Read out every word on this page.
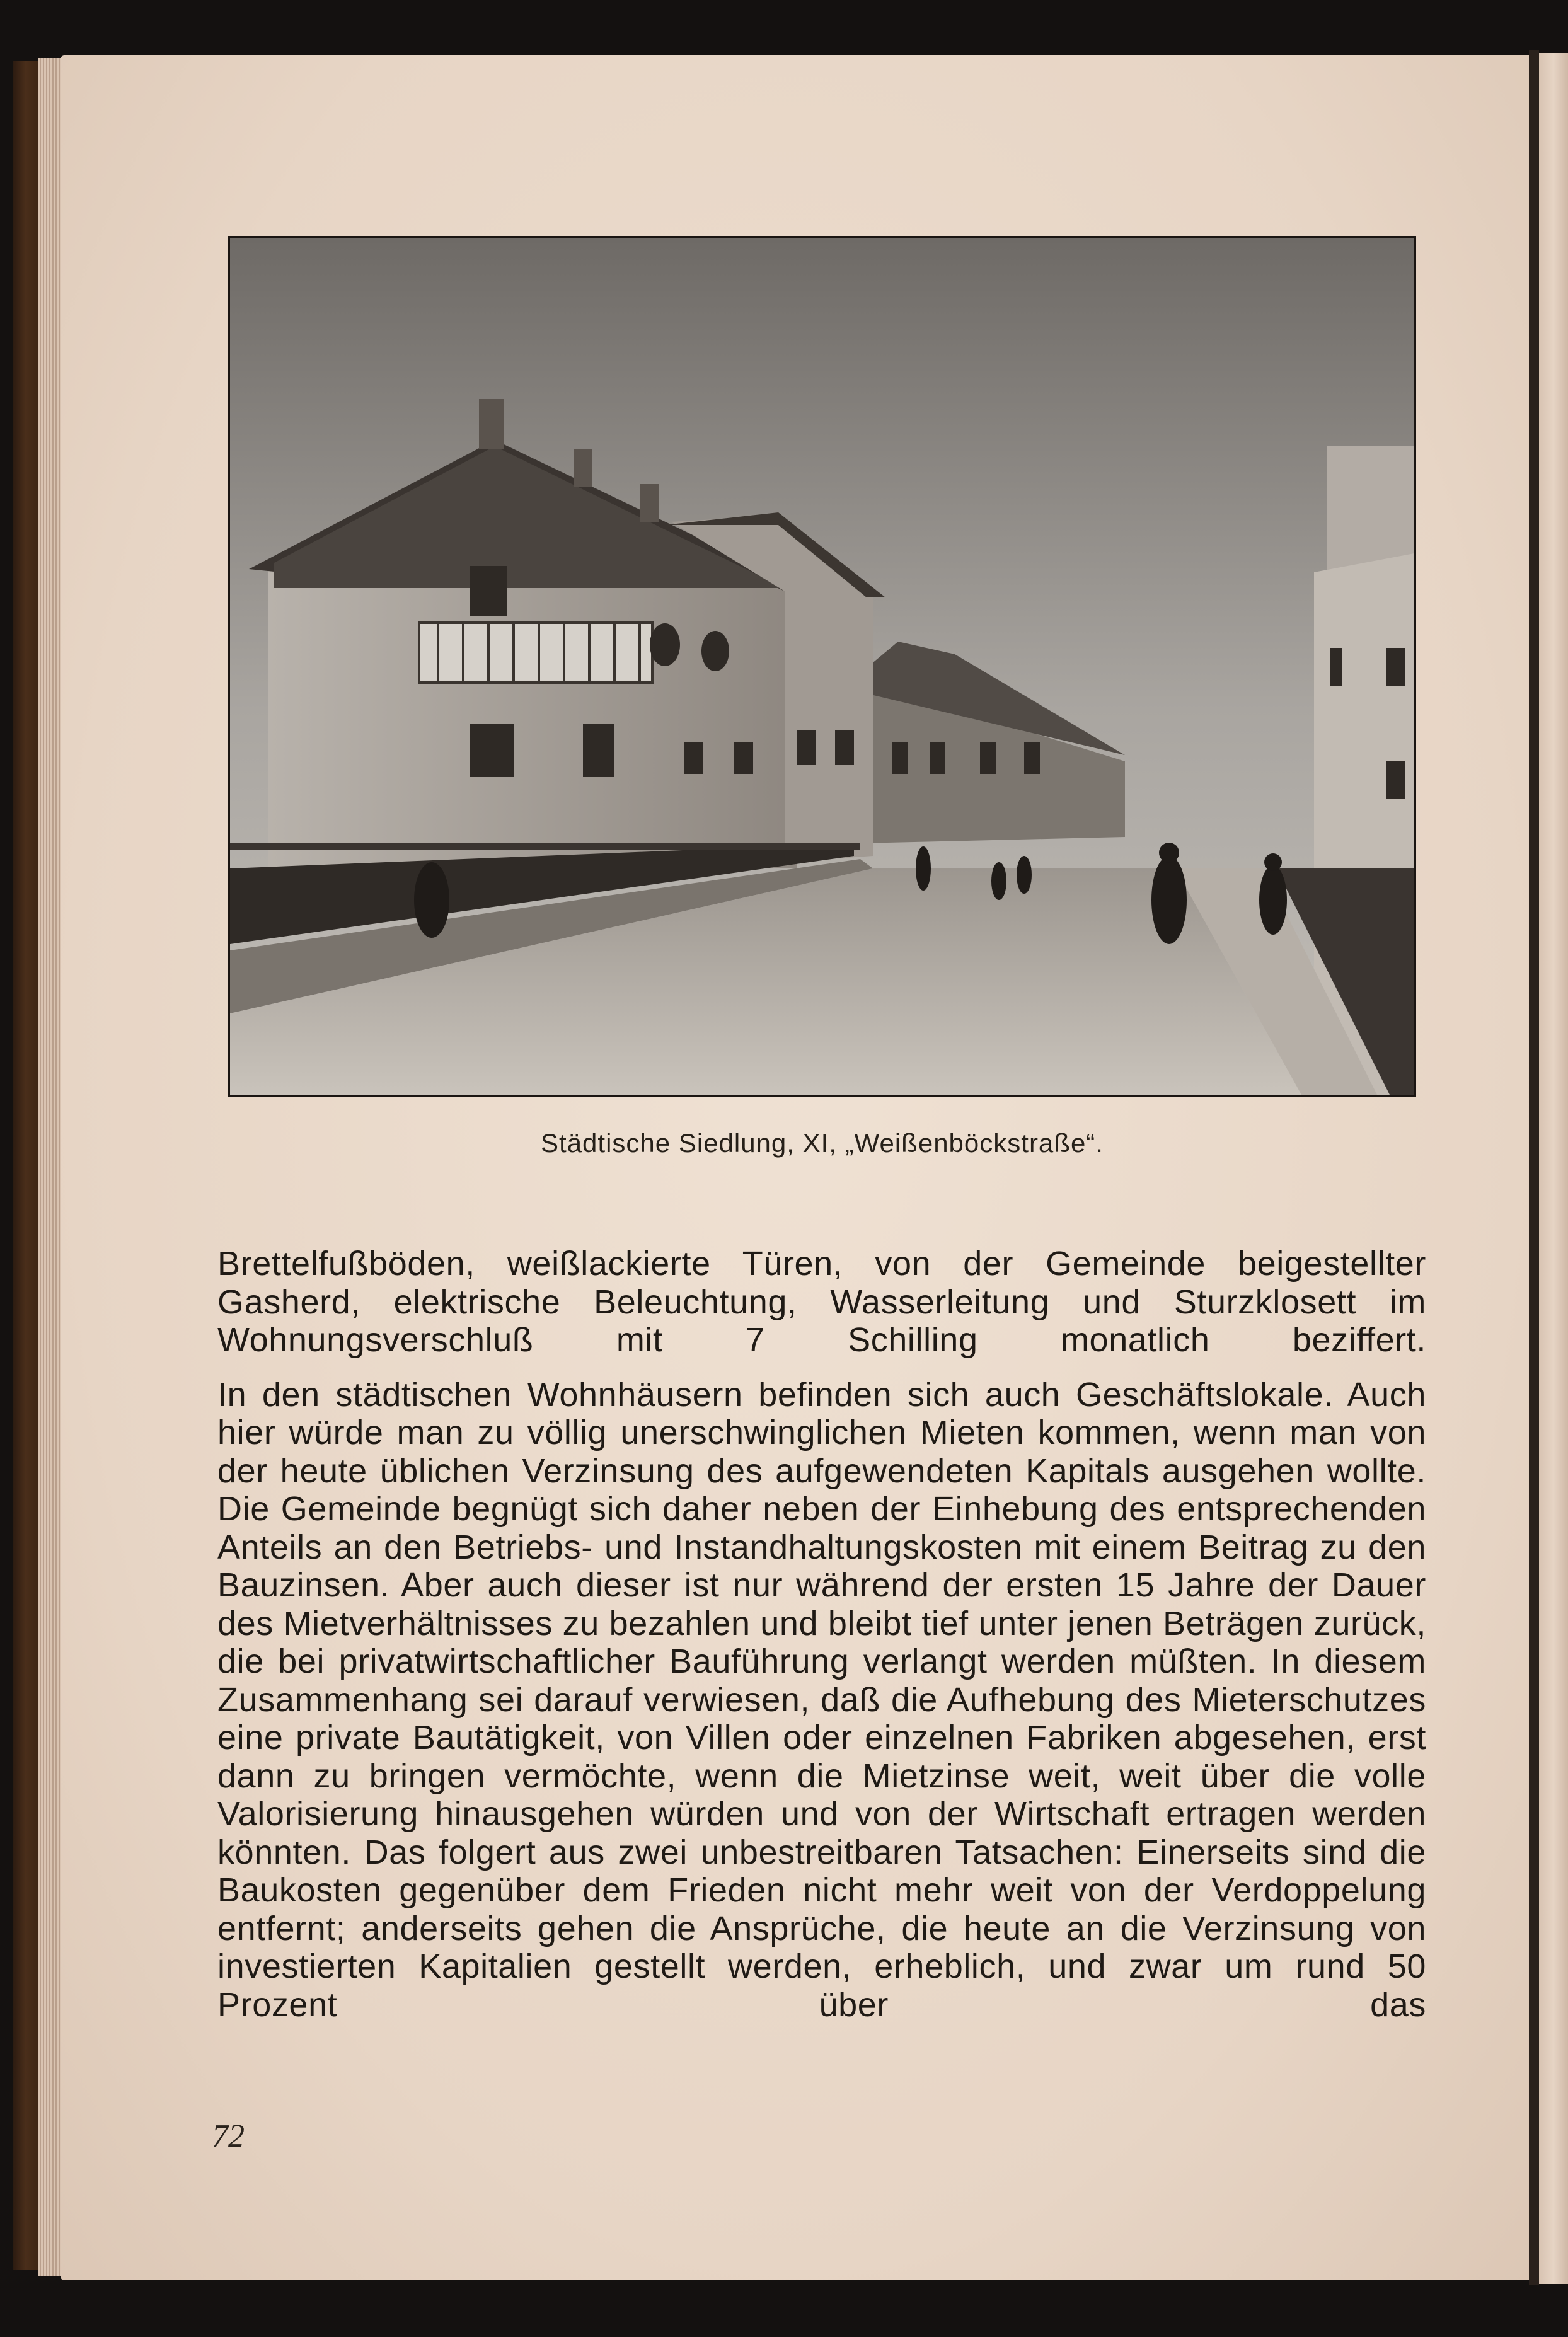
Städtische Siedlung, XI, „Weißenböckstraße“.

Brettelfußböden, weißlackierte Türen, von der Gemeinde beigestellter Gasherd, elektrische Beleuchtung, Wasserleitung und Sturzklosett im Wohnungsverschluß mit 7 Schilling monatlich beziffert.

In den städtischen Wohnhäusern befinden sich auch Geschäftslokale. Auch hier würde man zu völlig unerschwinglichen Mieten kommen, wenn man von der heute üblichen Verzinsung des aufgewendeten Kapitals ausgehen wollte. Die Gemeinde begnügt sich daher neben der Einhebung des entsprechenden Anteils an den Betriebs- und Instandhaltungskosten mit einem Beitrag zu den Bauzinsen. Aber auch dieser ist nur während der ersten 15 Jahre der Dauer des Mietverhältnisses zu bezahlen und bleibt tief unter jenen Beträgen zurück, die bei privatwirtschaftlicher Bauführung verlangt werden müßten. In diesem Zusammenhang sei darauf verwiesen, daß die Aufhebung des Mieterschutzes eine private Bautätigkeit, von Villen oder einzelnen Fabriken abgesehen, erst dann zu bringen vermöchte, wenn die Mietzinse weit, weit über die volle Valorisierung hinausgehen würden und von der Wirtschaft ertragen werden könnten. Das folgert aus zwei unbestreitbaren Tatsachen: Einerseits sind die Baukosten gegenüber dem Frieden nicht mehr weit von der Verdoppelung entfernt; anderseits gehen die Ansprüche, die heute an die Verzinsung von investierten Kapitalien gestellt werden, erheblich, und zwar um rund 50 Prozent über das

72
